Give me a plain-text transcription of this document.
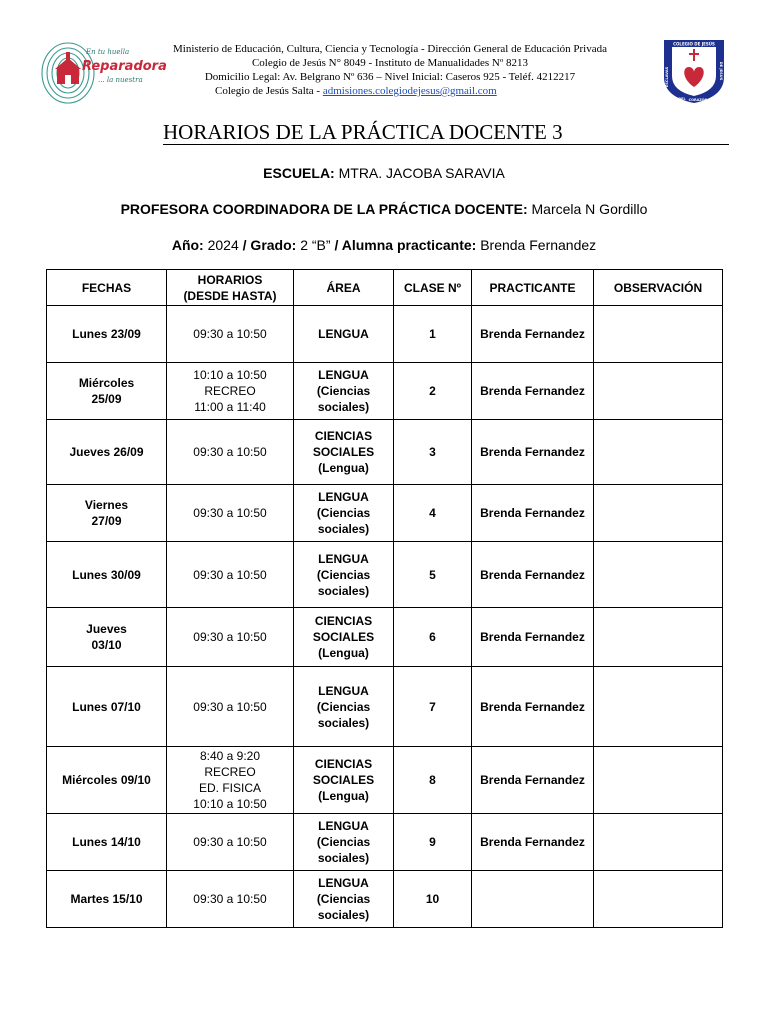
En tu huella
Reparadora
... la nuestra
Ministerio de Educación, Cultura, Ciencia y Tecnología - Dirección General de Educación Privada
Colegio de Jesús N° 8049 - Instituto de Manualidades Nº 8213
Domicilio Legal: Av. Belgrano Nº 636 – Nivel Inicial: Caseros 925 - Teléf. 4212217
Colegio de Jesús Salta - admisiones.colegiodejesus@gmail.com
COLEGIO DE JESÚS
ESCLAVAS
DEL CORAZÓN
DE JESÚS
HORARIOS DE LA PRÁCTICA DOCENTE 3
ESCUELA: MTRA. JACOBA SARAVIA
PROFESORA COORDINADORA DE LA PRÁCTICA DOCENTE: Marcela N Gordillo
Año: 2024 / Grado: 2 “B” / Alumna practicante: Brenda Fernandez
FECHAS	HORARIOS
(DESDE HASTA)	ÁREA	CLASE Nº	PRACTICANTE	OBSERVACIÓN
Lunes 23/09	09:30 a 10:50	LENGUA	1	Brenda Fernandez	
Miércoles
25/09	10:10 a 10:50
RECREO
11:00 a 11:40	LENGUA
(Ciencias
sociales)	2	Brenda Fernandez	
Jueves 26/09	09:30 a 10:50	CIENCIAS
SOCIALES
(Lengua)	3	Brenda Fernandez	
Viernes
27/09	09:30 a 10:50	LENGUA
(Ciencias
sociales)	4	Brenda Fernandez	
Lunes 30/09	09:30 a 10:50	LENGUA
(Ciencias
sociales)	5	Brenda Fernandez	
Jueves
03/10	09:30 a 10:50	CIENCIAS
SOCIALES
(Lengua)	6	Brenda Fernandez	
Lunes 07/10	09:30 a 10:50	LENGUA
(Ciencias
sociales)	7	Brenda Fernandez	
Miércoles 09/10	8:40 a 9:20
RECREO
ED. FISICA
10:10 a 10:50	CIENCIAS
SOCIALES
(Lengua)	8	Brenda Fernandez	
Lunes 14/10	09:30 a 10:50	LENGUA
(Ciencias
sociales)	9	Brenda Fernandez	
Martes 15/10	09:30 a 10:50	LENGUA
(Ciencias
sociales)	10		
